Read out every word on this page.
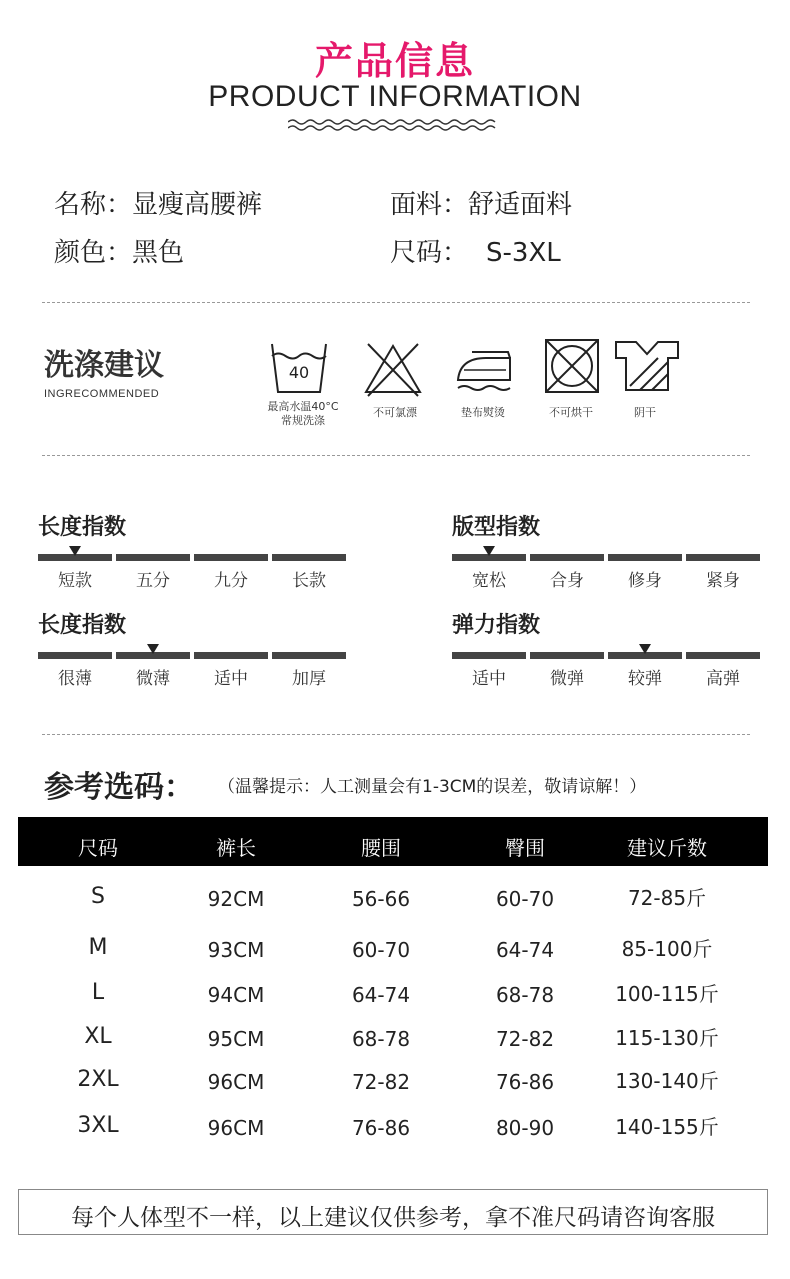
产品信息
PRODUCT INFORMATION
名称：显瘦高腰裤	面料：舒适面料
颜色：黑色	尺码： S-3XL
洗涤建议
INGRECOMMENDED
40
最高水温40°C
常规洗涤
不可氯漂	垫布熨烫	不可烘干	阴干
长度指数
短款	五分	九分	长款
版型指数
宽松	合身	修身	紧身
长度指数
很薄	微薄	适中	加厚
弹力指数
适中	微弹	较弹	高弹
参考选码： （温馨提示：人工测量会有1-3CM的误差，敬请谅解！）
尺码	裤长	腰围	臀围	建议斤数
S	92CM	56-66	60-70	72-85斤
M	93CM	60-70	64-74	85-100斤
L	94CM	64-74	68-78	100-115斤
XL	95CM	68-78	72-82	115-130斤
2XL	96CM	72-82	76-86	130-140斤
3XL	96CM	76-86	80-90	140-155斤
每个人体型不一样，以上建议仅供参考，拿不准尺码请咨询客服
